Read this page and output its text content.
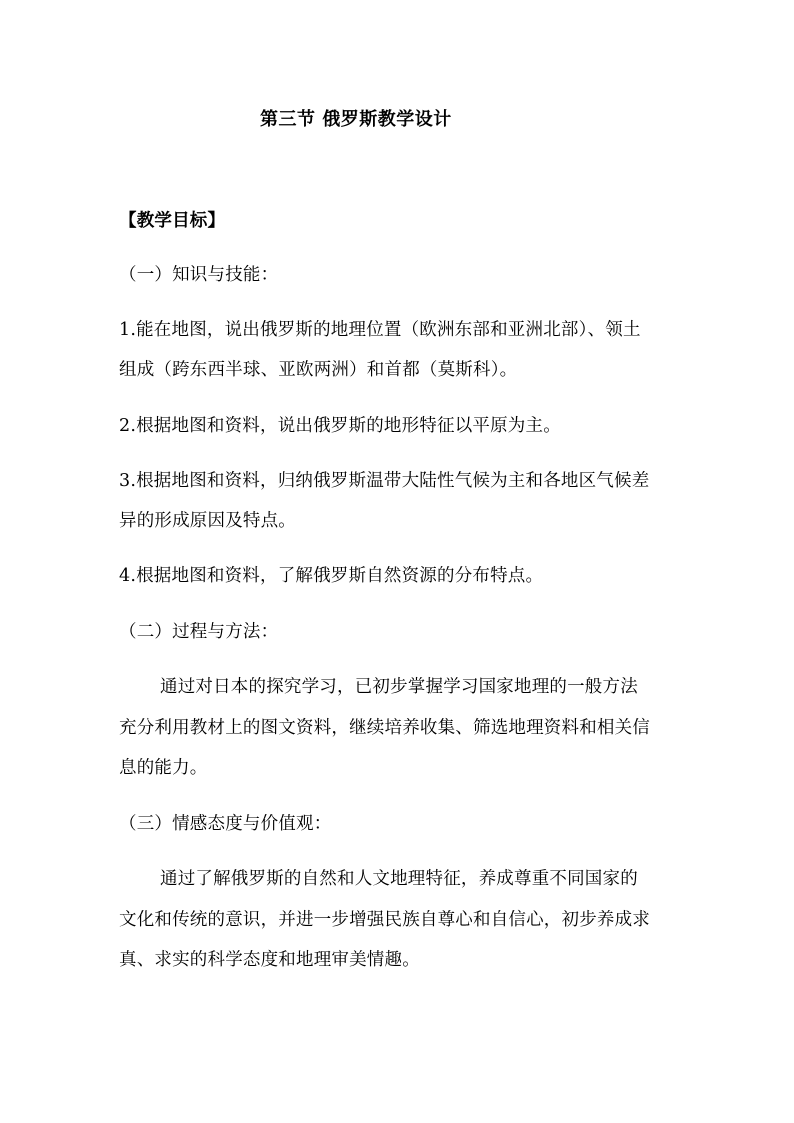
第三节 俄罗斯教学设计
【教学目标】
（一）知识与技能：
1.能在地图，说出俄罗斯的地理位置（欧洲东部和亚洲北部）、领土
组成（跨东西半球、亚欧两洲）和首都（莫斯科）。
2.根据地图和资料，说出俄罗斯的地形特征以平原为主。
3.根据地图和资料，归纳俄罗斯温带大陆性气候为主和各地区气候差
异的形成原因及特点。
4.根据地图和资料，了解俄罗斯自然资源的分布特点。
（二）过程与方法：
通过对日本的探究学习，已初步掌握学习国家地理的一般方法
充分利用教材上的图文资料，继续培养收集、筛选地理资料和相关信
息的能力。
（三）情感态度与价值观：
通过了解俄罗斯的自然和人文地理特征，养成尊重不同国家的
文化和传统的意识，并进一步增强民族自尊心和自信心，初步养成求
真、求实的科学态度和地理审美情趣。
